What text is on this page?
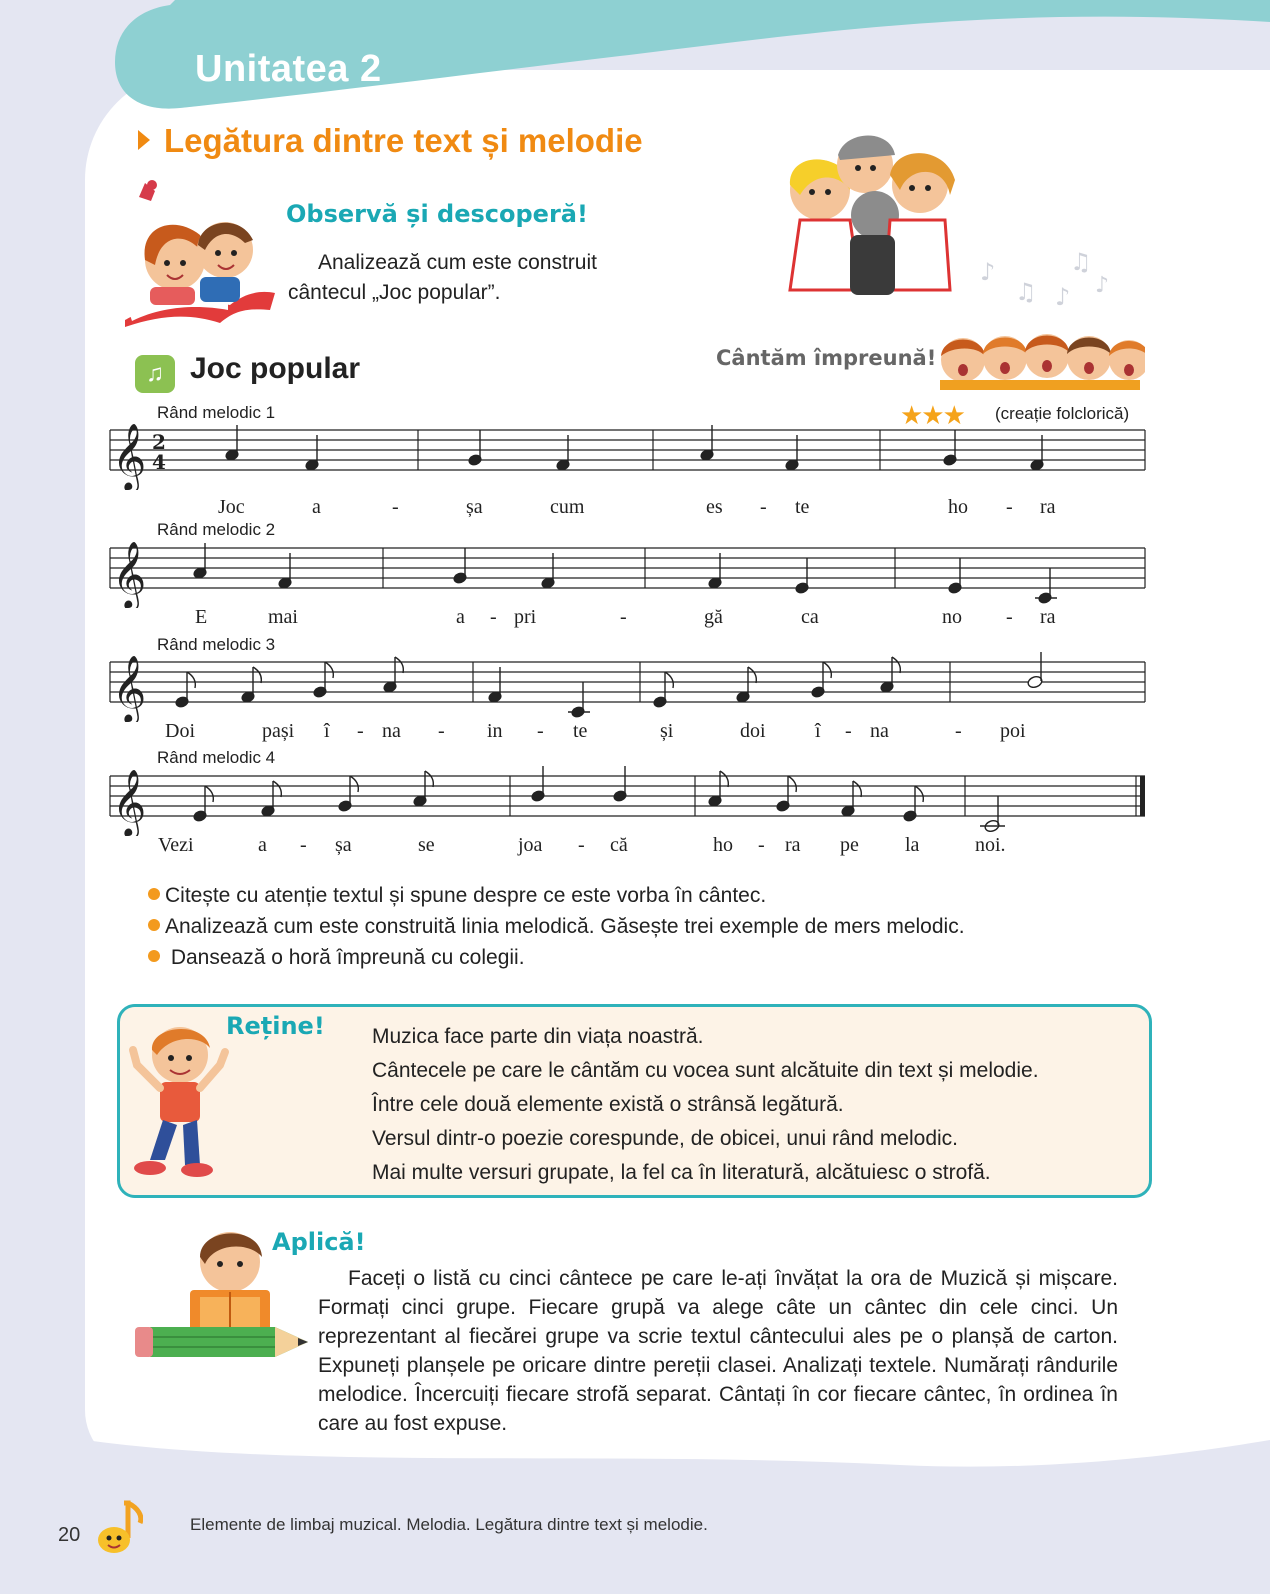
Unitatea 2
Legătura dintre text și melodie
Observă și descoperă!
Analizează cum este construit cântecul „Joc popular”.
♪
♫ ♪
♫
♪
Cântăm împreună!
♫ Joc popular
★★★ (creație folclorică)
Rând melodic 1
𝄞 2
4
Joc	a	-	șa	cum	es - te	ho - ra
Rând melodic 2
𝄞
E	mai	a - pri	-	gă	ca	no - ra
Rând melodic 3
𝄞
Doi	pași î - na - in - te	și	doi î - na	- poi
Rând melodic 4
𝄞
Vezi	a - șa	se	joa - că	ho - ra pe la	noi.
Citește cu atenție textul și spune despre ce este vorba în cântec.
Analizează cum este construită linia melodică. Găsește trei exemple de mers melodic.
Dansează o horă împreună cu colegii.
Reține! Muzica face parte din viața noastră.
Cântecele pe care le cântăm cu vocea sunt alcătuite din text și melodie.
Între cele două elemente există o strânsă legătură.
Versul dintr-o poezie corespunde, de obicei, unui rând melodic.
Mai multe versuri grupate, la fel ca în literatură, alcătuiesc o strofă.
Aplică!
Faceți o listă cu cinci cântece pe care le-ați învățat la ora de Muzică și mișcare. Formați cinci grupe. Fiecare grupă va alege câte un cântec din cele cinci. Un reprezentant al fiecărei grupe va scrie textul cântecului ales pe o planșă de carton. Expuneți planșele pe oricare dintre pereții clasei. Analizați textele. Numărați rândurile melodice. Încercuiți fiecare strofă separat. Cântați în cor fiecare cântec, în ordinea în care au fost expuse.
20	Elemente de limbaj muzical. Melodia. Legătura dintre text și melodie.
